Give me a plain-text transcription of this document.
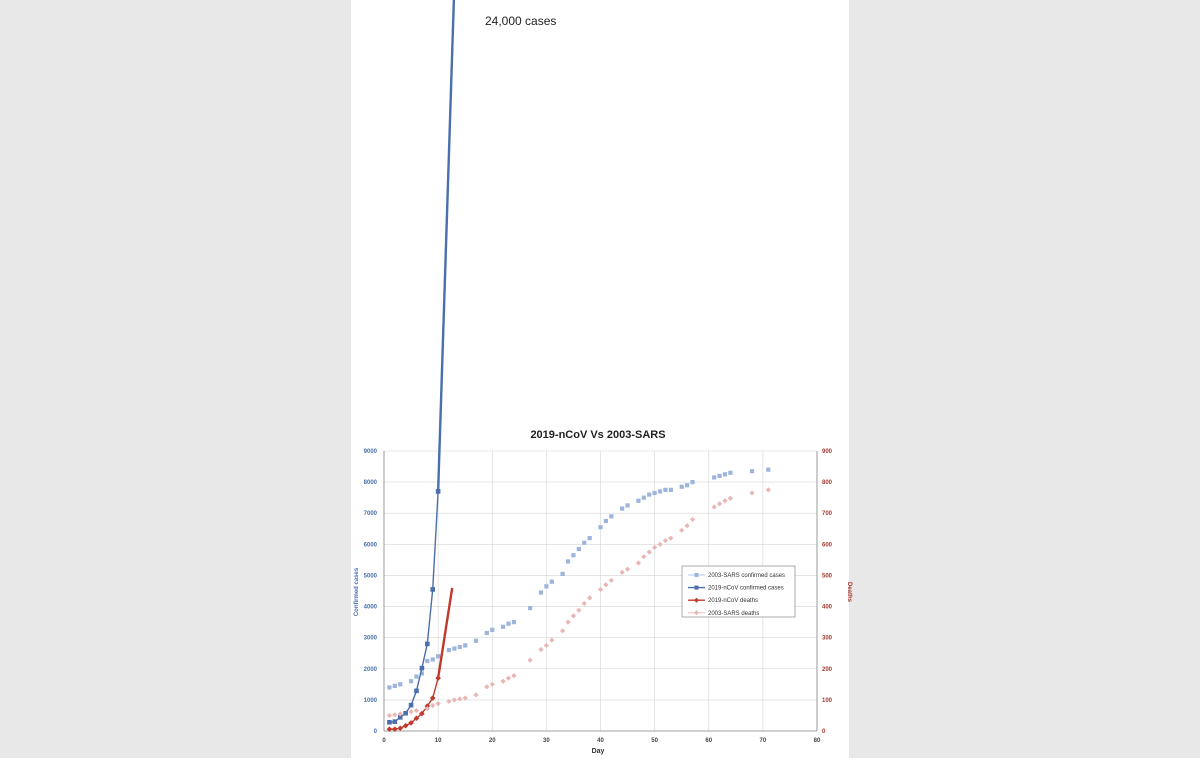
0	10	20	30	40	50	60	70	80
0
1000
2000
3000
4000
5000
6000
7000
8000
9000
0
100
200
300
400
500
600
700
800
900
2019-nCoV Vs 2003-SARS
Day
Confirmed cases	Deaths
24,000 cases
2003-SARS confirmed cases
2019-nCoV confirmed cases
2019-nCoV deaths
2003-SARS deaths
